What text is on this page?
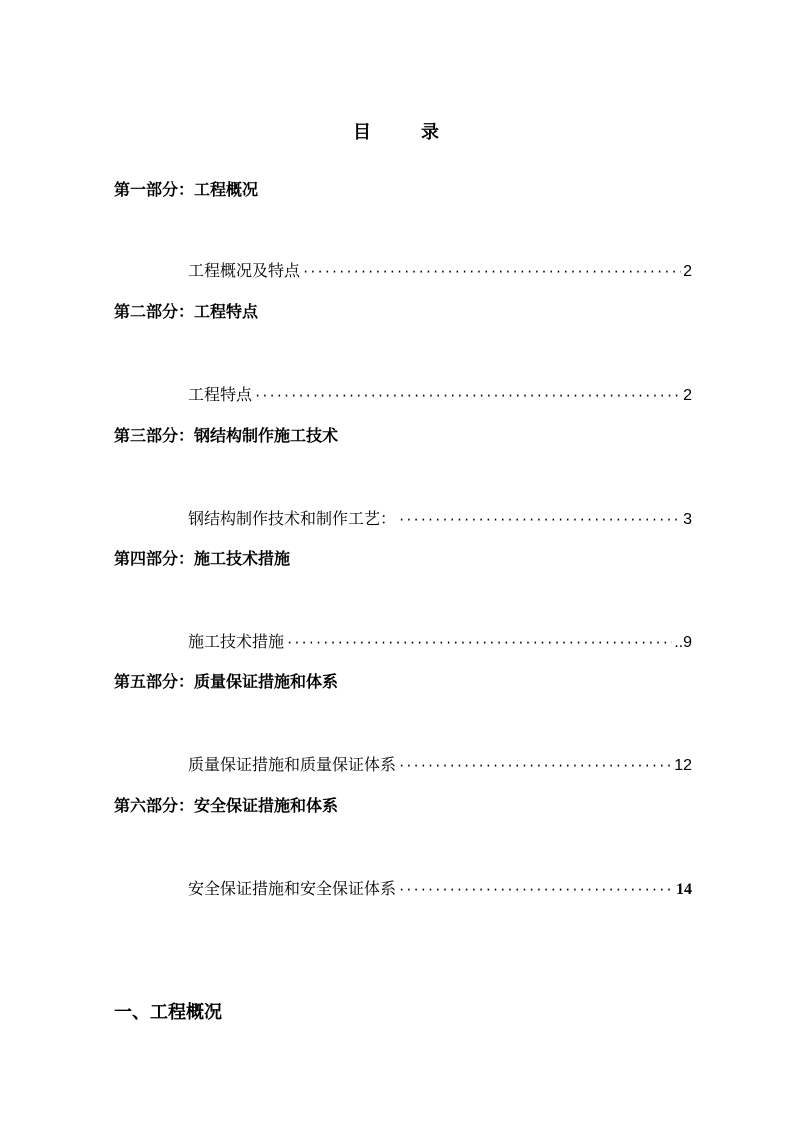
目	录
第一部分：工程概况
工程概况及特点 ·····	2
第二部分：工程特点
工程特点 ·····	2
第三部分：钢结构制作施工技术
钢结构制作技术和制作工艺： ·····	3
第四部分：施工技术措施
施工技术措施 ·····	..9
第五部分：质量保证措施和体系
质量保证措施和质量保证体系 ·····	12
第六部分：安全保证措施和体系
安全保证措施和安全保证体系 ·····	14
一、工程概况
